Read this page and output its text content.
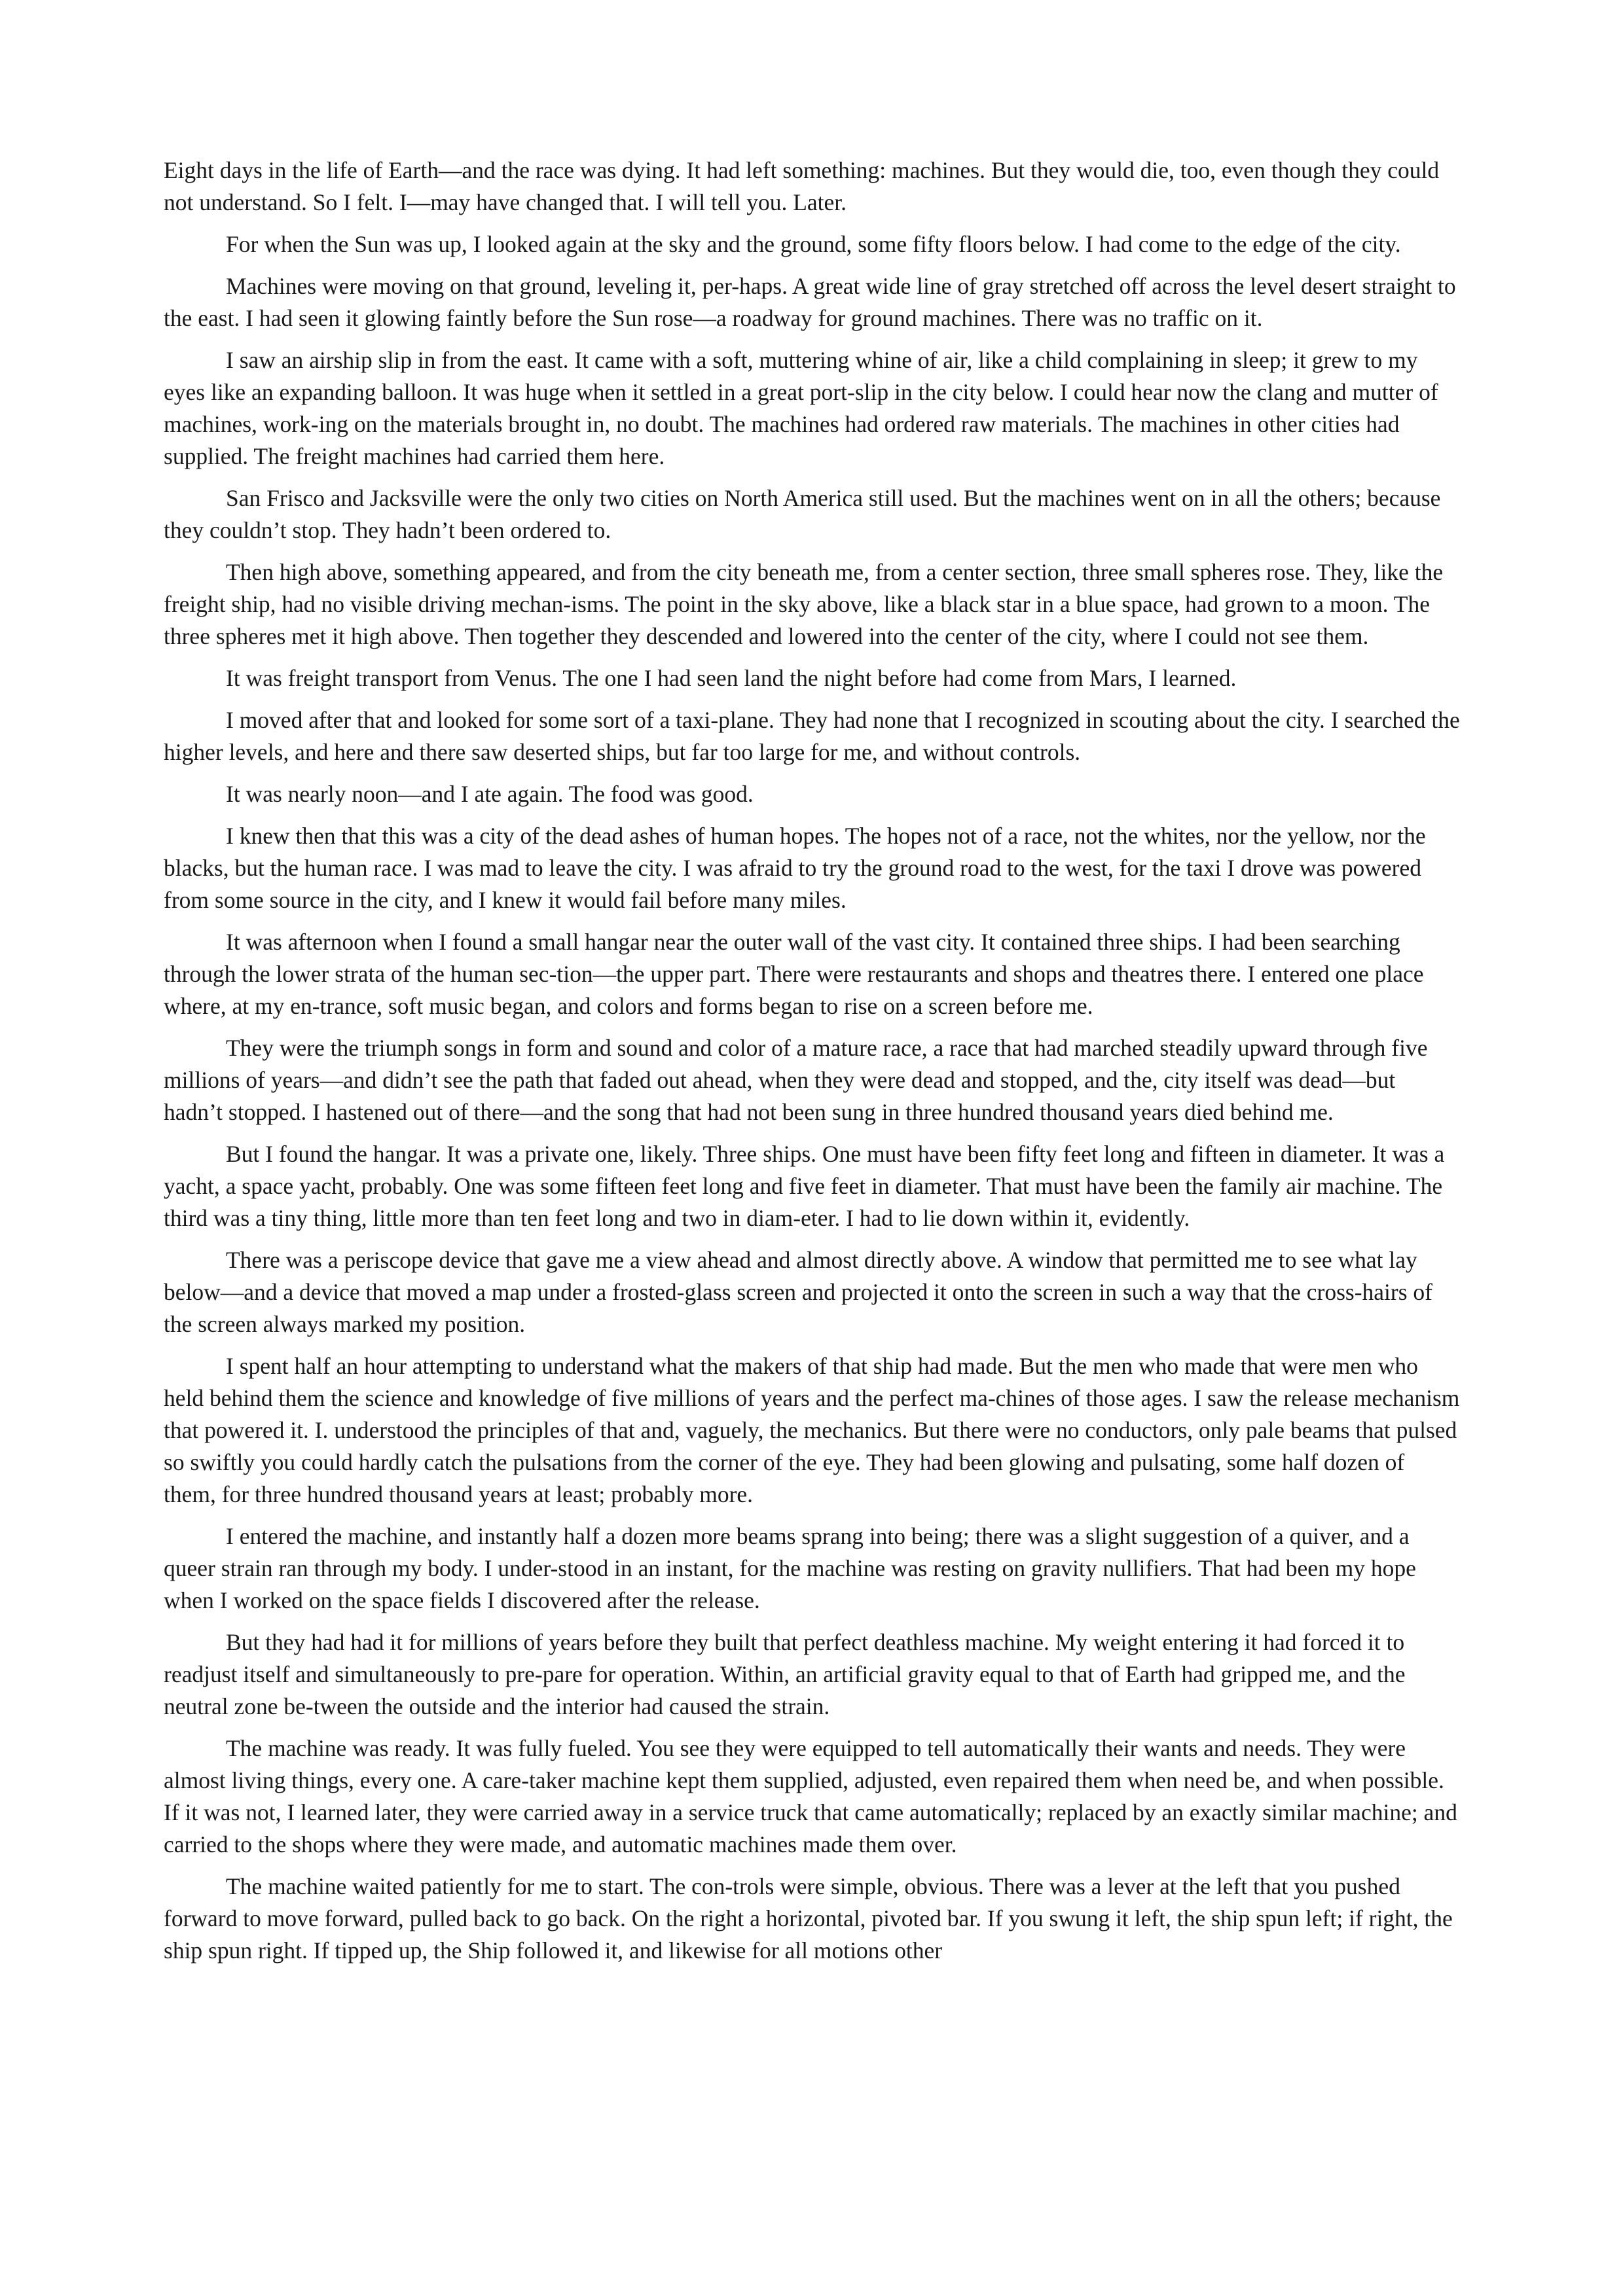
Eight days in the life of Earth—and the race was dying. It had left something: machines. But they would die, too, even though they could not understand. So I felt. I—may have changed that. I will tell you. Later.

For when the Sun was up, I looked again at the sky and the ground, some fifty floors below. I had come to the edge of the city.

Machines were moving on that ground, leveling it, per-haps. A great wide line of gray stretched off across the level desert straight to the east. I had seen it glowing faintly before the Sun rose—a roadway for ground machines. There was no traffic on it.

I saw an airship slip in from the east. It came with a soft, muttering whine of air, like a child complaining in sleep; it grew to my eyes like an expanding balloon. It was huge when it settled in a great port-slip in the city below. I could hear now the clang and mutter of machines, work-ing on the materials brought in, no doubt. The machines had ordered raw materials. The machines in other cities had supplied. The freight machines had carried them here.

San Frisco and Jacksville were the only two cities on North America still used. But the machines went on in all the others; because they couldn’t stop. They hadn’t been ordered to.

Then high above, something appeared, and from the city beneath me, from a center section, three small spheres rose. They, like the freight ship, had no visible driving mechan-isms. The point in the sky above, like a black star in a blue space, had grown to a moon. The three spheres met it high above. Then together they descended and lowered into the center of the city, where I could not see them.

It was freight transport from Venus. The one I had seen land the night before had come from Mars, I learned.

I moved after that and looked for some sort of a taxi-plane. They had none that I recognized in scouting about the city. I searched the higher levels, and here and there saw deserted ships, but far too large for me, and without controls.

It was nearly noon—and I ate again. The food was good.

I knew then that this was a city of the dead ashes of human hopes. The hopes not of a race, not the whites, nor the yellow, nor the blacks, but the human race. I was mad to leave the city. I was afraid to try the ground road to the west, for the taxi I drove was powered from some source in the city, and I knew it would fail before many miles.

It was afternoon when I found a small hangar near the outer wall of the vast city. It contained three ships. I had been searching through the lower strata of the human sec-tion—the upper part. There were restaurants and shops and theatres there. I entered one place where, at my en-trance, soft music began, and colors and forms began to rise on a screen before me.

They were the triumph songs in form and sound and color of a mature race, a race that had marched steadily upward through five millions of years—and didn’t see the path that faded out ahead, when they were dead and stopped, and the, city itself was dead—but hadn’t stopped. I hastened out of there—and the song that had not been sung in three hundred thousand years died behind me.

But I found the hangar. It was a private one, likely. Three ships. One must have been fifty feet long and fifteen in diameter. It was a yacht, a space yacht, probably. One was some fifteen feet long and five feet in diameter. That must have been the family air machine. The third was a tiny thing, little more than ten feet long and two in diam-eter. I had to lie down within it, evidently.

There was a periscope device that gave me a view ahead and almost directly above. A window that permitted me to see what lay below—and a device that moved a map under a frosted-glass screen and projected it onto the screen in such a way that the cross-hairs of the screen always marked my position.

I spent half an hour attempting to understand what the makers of that ship had made. But the men who made that were men who held behind them the science and knowledge of five millions of years and the perfect ma-chines of those ages. I saw the release mechanism that powered it. I. understood the principles of that and, vaguely, the mechanics. But there were no conductors, only pale beams that pulsed so swiftly you could hardly catch the pulsations from the corner of the eye. They had been glowing and pulsating, some half dozen of them, for three hundred thousand years at least; probably more.

I entered the machine, and instantly half a dozen more beams sprang into being; there was a slight suggestion of a quiver, and a queer strain ran through my body. I under-stood in an instant, for the machine was resting on gravity nullifiers. That had been my hope when I worked on the space fields I discovered after the release.

But they had had it for millions of years before they built that perfect deathless machine. My weight entering it had forced it to readjust itself and simultaneously to pre-pare for operation. Within, an artificial gravity equal to that of Earth had gripped me, and the neutral zone be-tween the outside and the interior had caused the strain.

The machine was ready. It was fully fueled. You see they were equipped to tell automatically their wants and needs. They were almost living things, every one. A care-taker machine kept them supplied, adjusted, even repaired them when need be, and when possible. If it was not, I learned later, they were carried away in a service truck that came automatically; replaced by an exactly similar machine; and carried to the shops where they were made, and automatic machines made them over.

The machine waited patiently for me to start. The con-trols were simple, obvious. There was a lever at the left that you pushed forward to move forward, pulled back to go back. On the right a horizontal, pivoted bar. If you swung it left, the ship spun left; if right, the ship spun right. If tipped up, the Ship followed it, and likewise for all motions other
